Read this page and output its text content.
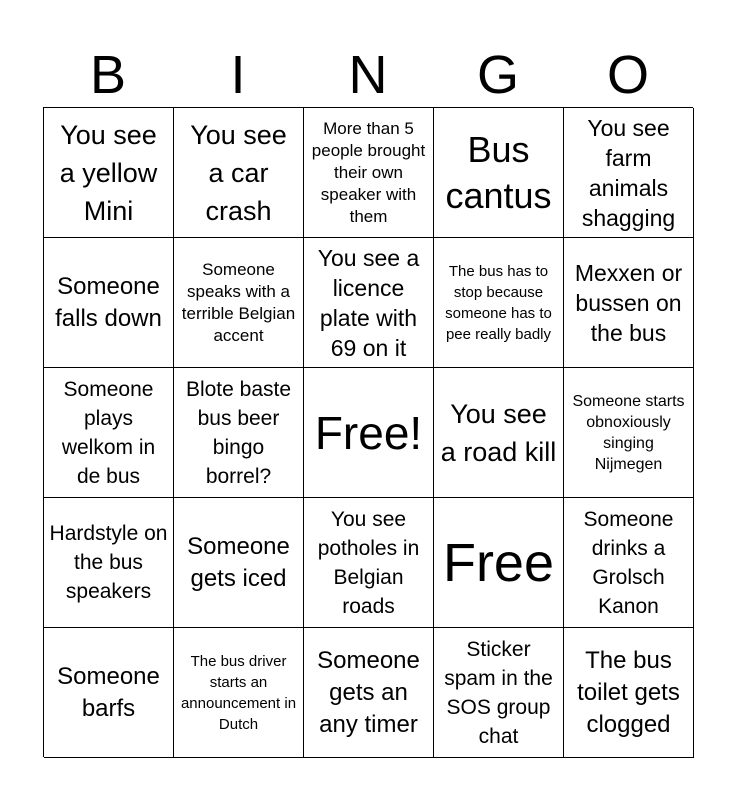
B	I	N	G	O
You see a yellow Mini
You see a car crash
More than 5 people brought their own speaker with them
Bus cantus
You see farm animals shagging
Someone falls down
Someone speaks with a terrible Belgian accent
You see a licence plate with 69 on it
The bus has to stop because someone has to pee really badly
Mexxen or bussen on the bus
Someone plays welkom in de bus
Blote baste bus beer bingo borrel?
Free!	You see a road kill
Someone starts obnoxiously singing Nijmegen
Hardstyle on the bus speakers
Someone gets iced
You see potholes in Belgian roads
Free
Someone drinks a Grolsch Kanon
Someone barfs
The bus driver starts an announcement in Dutch
Someone gets an any timer
Sticker spam in the SOS group chat
The bus toilet gets clogged
